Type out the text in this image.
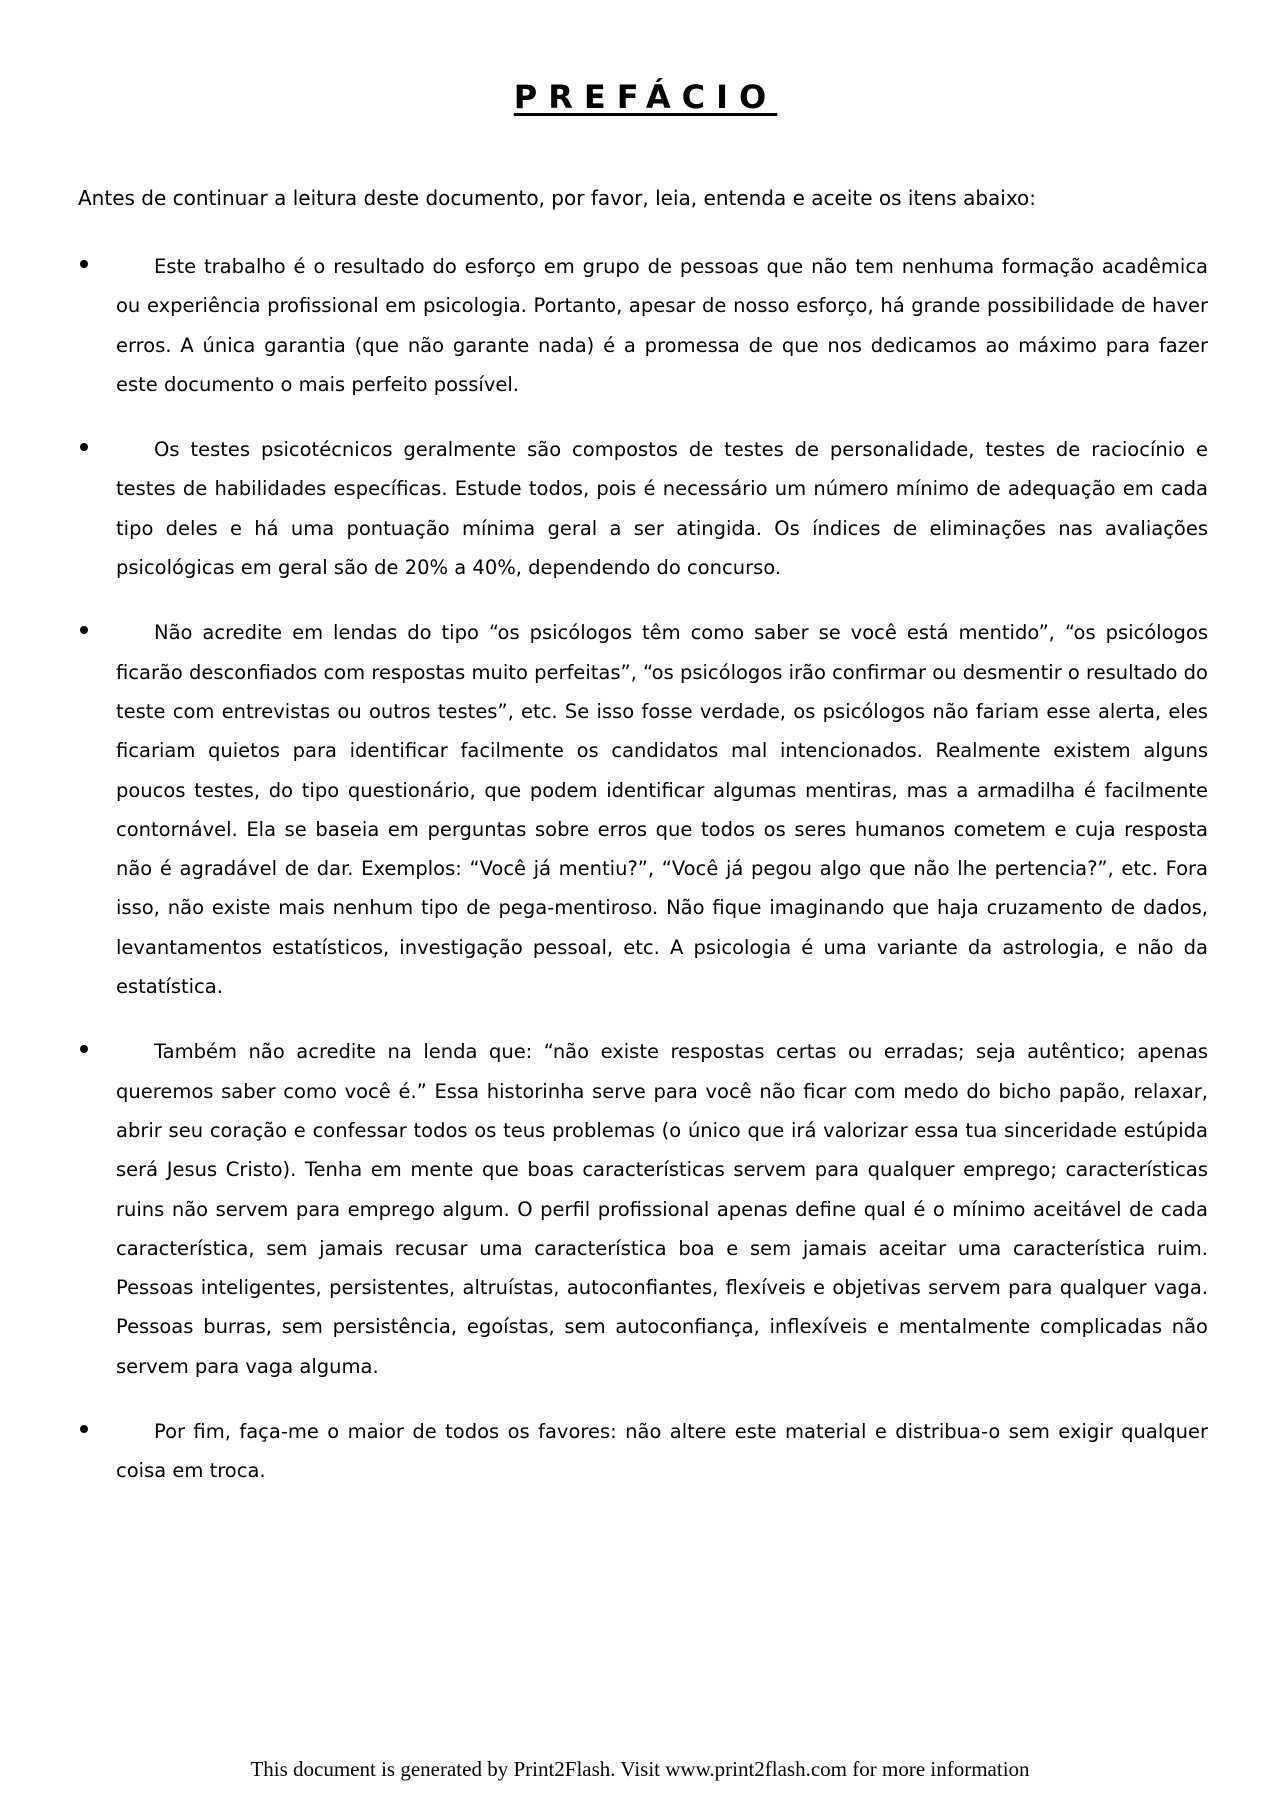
PREFÁCIO

Antes de continuar a leitura deste documento, por favor, leia, entenda e aceite os itens abaixo:

Este trabalho é o resultado do esforço em grupo de pessoas que não tem nenhuma formação acadêmica ou experiência profissional em psicologia. Portanto, apesar de nosso esforço, há grande possibilidade de haver erros. A única garantia (que não garante nada) é a promessa de que nos dedicamos ao máximo para fazer este documento o mais perfeito possível.

Os testes psicotécnicos geralmente são compostos de testes de personalidade, testes de raciocínio e testes de habilidades específicas. Estude todos, pois é necessário um número mínimo de adequação em cada tipo deles e há uma pontuação mínima geral a ser atingida. Os índices de eliminações nas avaliações psicológicas em geral são de 20% a 40%, dependendo do concurso.

Não acredite em lendas do tipo “os psicólogos têm como saber se você está mentido”, “os psicólogos ficarão desconfiados com respostas muito perfeitas”, “os psicólogos irão confirmar ou desmentir o resultado do teste com entrevistas ou outros testes”, etc. Se isso fosse verdade, os psicólogos não fariam esse alerta, eles ficariam quietos para identificar facilmente os candidatos mal intencionados. Realmente existem alguns poucos testes, do tipo questionário, que podem identificar algumas mentiras, mas a armadilha é facilmente contornável. Ela se baseia em perguntas sobre erros que todos os seres humanos cometem e cuja resposta não é agradável de dar. Exemplos: “Você já mentiu?”, “Você já pegou algo que não lhe pertencia?”, etc. Fora isso, não existe mais nenhum tipo de pega-mentiroso. Não fique imaginando que haja cruzamento de dados, levantamentos estatísticos, investigação pessoal, etc. A psicologia é uma variante da astrologia, e não da estatística.

Também não acredite na lenda que: “não existe respostas certas ou erradas; seja autêntico; apenas queremos saber como você é.” Essa historinha serve para você não ficar com medo do bicho papão, relaxar, abrir seu coração e confessar todos os teus problemas (o único que irá valorizar essa tua sinceridade estúpida será Jesus Cristo). Tenha em mente que boas características servem para qualquer emprego; características ruins não servem para emprego algum. O perfil profissional apenas define qual é o mínimo aceitável de cada característica, sem jamais recusar uma característica boa e sem jamais aceitar uma característica ruim. Pessoas inteligentes, persistentes, altruístas, autoconfiantes, flexíveis e objetivas servem para qualquer vaga. Pessoas burras, sem persistência, egoístas, sem autoconfiança, inflexíveis e mentalmente complicadas não servem para vaga alguma.

Por fim, faça-me o maior de todos os favores: não altere este material e distribua-o sem exigir qualquer coisa em troca.

This document is generated by Print2Flash. Visit www.print2flash.com for more information
